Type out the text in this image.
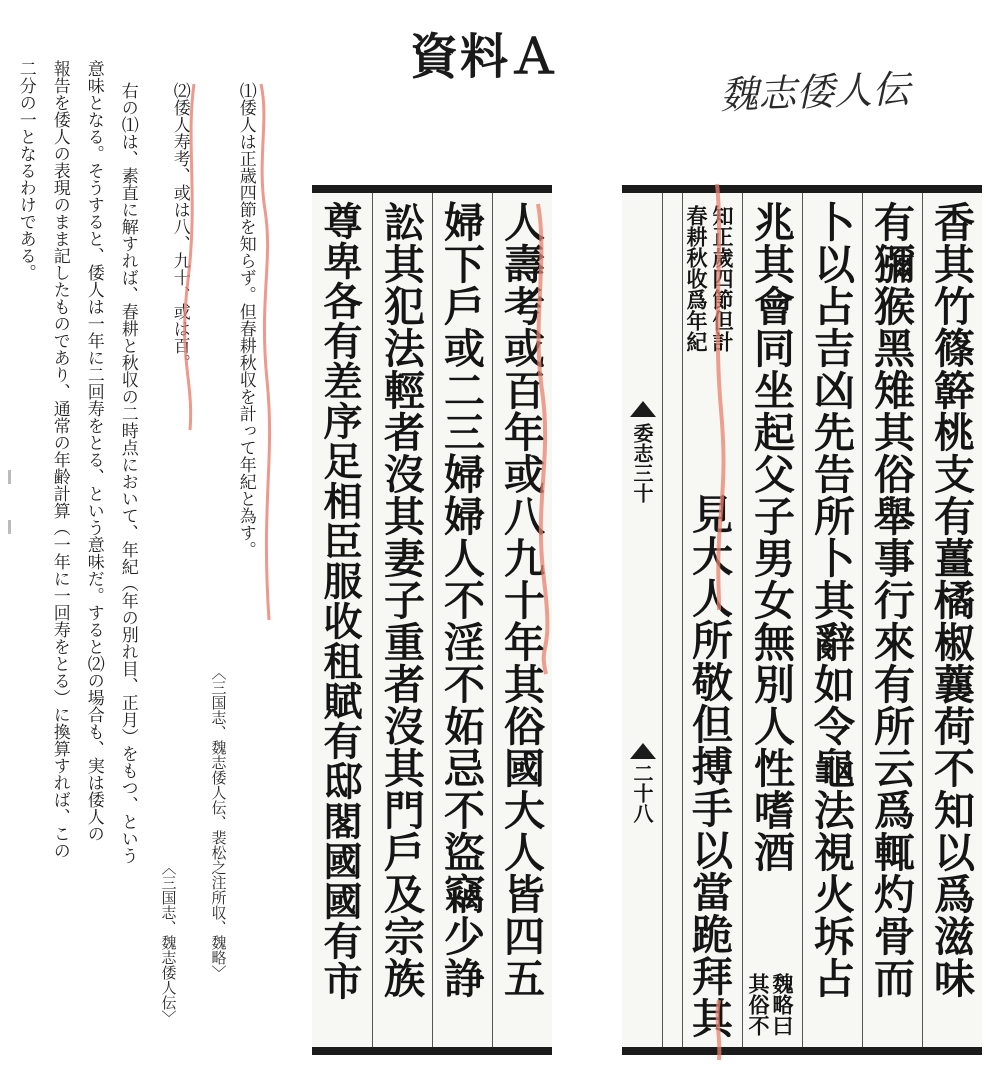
資料Ａ
魏志倭人伝
⑴倭人は正歳四節を知らず。但春耕秋収を計って年紀と為す。
⑵倭人寿考、或は八、九十、或は百。
右の⑴は、素直に解すれば、春耕と秋収の二時点において、年紀（年の別れ目、正月）をもつ、という
意味となる。そうすると、倭人は一年に二回寿をとる、という意味だ。すると⑵の場合も、実は倭人の
報告を倭人の表現のまま記したものであり、通常の年齢計算（一年に一回寿をとる）に換算すれば、この
二分の一となるわけである。
〈三国志、魏志倭人伝、裴松之注所収、魏略〉
〈三国志、魏志倭人伝〉	人壽考或百年或八九十年其俗國大人皆四五
婦下戶或二三婦婦人不淫不妬忌不盜竊少諍
訟其犯法輕者沒其妻子重者沒其門戶及宗族
尊卑各有差序足相臣服收租賦有邸閣國國有市	香其竹篠簳桃支有薑橘椒蘘荷不知以爲滋味
有獼猴黑雉其俗舉事行來有所云爲輒灼骨而
卜以占吉凶先告所卜其辭如令龜法視火坼占
兆其會同坐起父子男女無別人性嗜酒
知正歲四節但計
春耕秋收爲年紀
見大人所敬但搏手以當跪拜其 魏略曰
其俗不
委志三十
二十八
